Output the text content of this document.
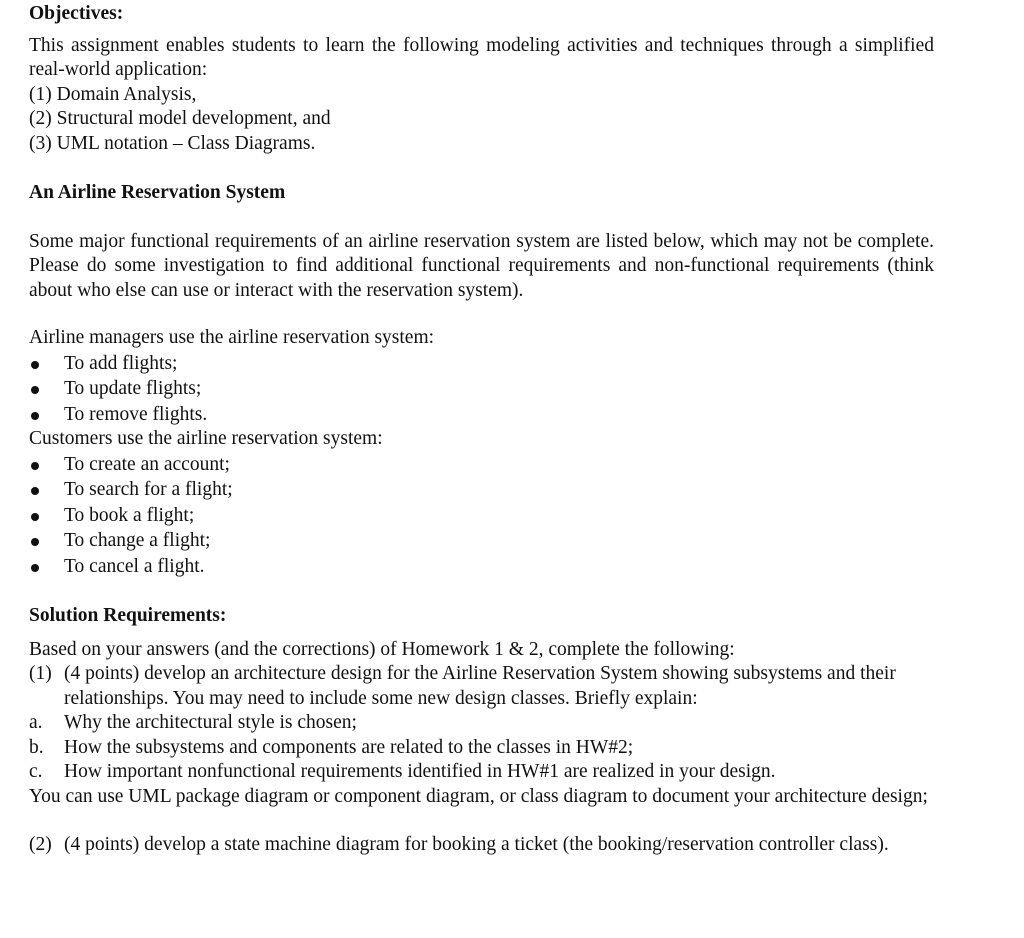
Objectives:

This assignment enables students to learn the following modeling activities and techniques through a simplified real-world application:

(1) Domain Analysis,
(2) Structural model development, and
(3) UML notation – Class Diagrams.

An Airline Reservation System

Some major functional requirements of an airline reservation system are listed below, which may not be complete. Please do some investigation to find additional functional requirements and non-functional requirements (think about who else can use or interact with the reservation system).

Airline managers use the airline reservation system:

To add flights;
To update flights;
To remove flights.

Customers use the airline reservation system:

To create an account;
To search for a flight;
To book a flight;
To change a flight;
To cancel a flight.

Solution Requirements:

Based on your answers (and the corrections) of Homework 1 & 2, complete the following:

(1) (4 points) develop an architecture design for the Airline Reservation System showing subsystems and their relationships. You may need to include some new design classes. Briefly explain:
a. Why the architectural style is chosen;
b. How the subsystems and components are related to the classes in HW#2;
c. How important nonfunctional requirements identified in HW#1 are realized in your design.

You can use UML package diagram or component diagram, or class diagram to document your architecture design;

(2) (4 points) develop a state machine diagram for booking a ticket (the booking/reservation controller class).
